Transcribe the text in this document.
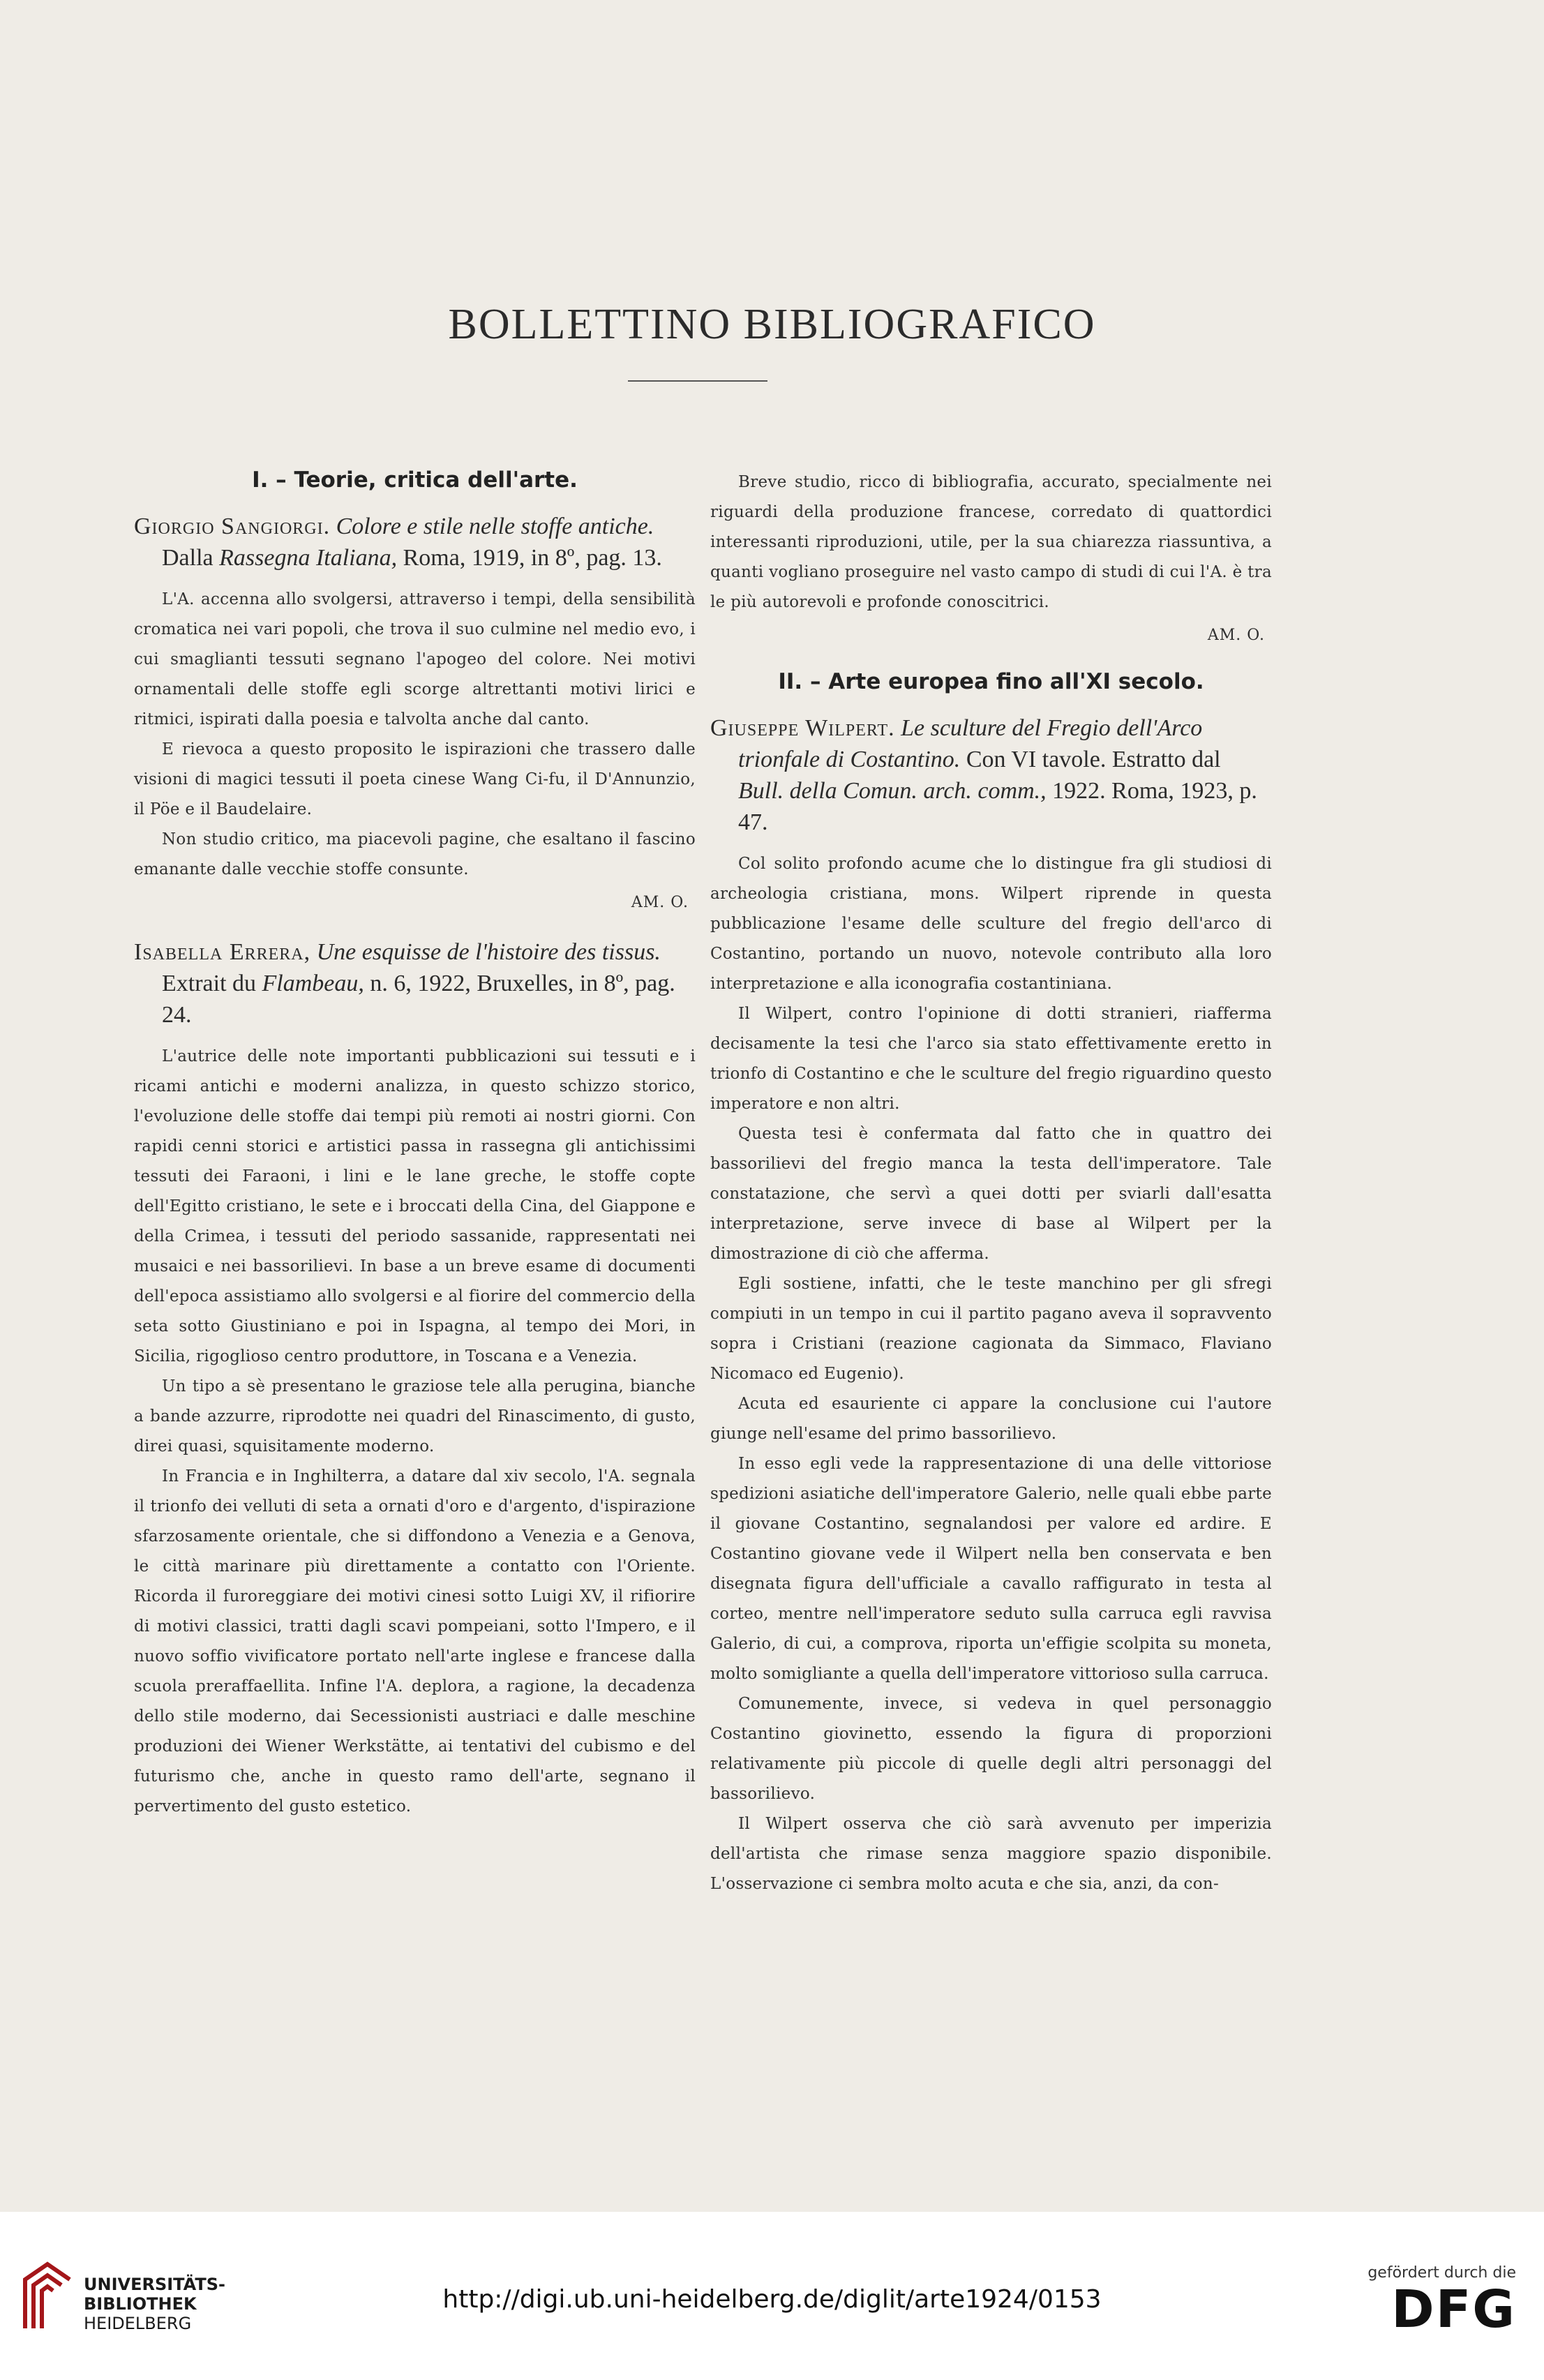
BOLLETTINO BIBLIOGRAFICO
I. – Teorie, critica dell'arte.
Giorgio Sangiorgi. Colore e stile nelle stoffe antiche. Dalla Rassegna Italiana, Roma, 1919, in 8º, pag. 13.

L'A. accenna allo svolgersi, attraverso i tempi, della sensibilità cromatica nei vari popoli, che trova il suo culmine nel medio evo, i cui smaglianti tessuti segnano l'apogeo del colore. Nei motivi ornamentali delle stoffe egli scorge altrettanti motivi lirici e ritmici, ispirati dalla poesia e talvolta anche dal canto.

E rievoca a questo proposito le ispirazioni che trassero dalle visioni di magici tessuti il poeta cinese Wang Ci-fu, il D'Annunzio, il Pöe e il Baudelaire.

Non studio critico, ma piacevoli pagine, che esaltano il fascino emanante dalle vecchie stoffe consunte.

AM. O.
Isabella Errera, Une esquisse de l'histoire des tissus. Extrait du Flambeau, n. 6, 1922, Bruxelles, in 8º, pag. 24.

L'autrice delle note importanti pubblicazioni sui tessuti e i ricami antichi e moderni analizza, in questo schizzo storico, l'evoluzione delle stoffe dai tempi più remoti ai nostri giorni. Con rapidi cenni storici e artistici passa in rassegna gli antichissimi tessuti dei Faraoni, i lini e le lane greche, le stoffe copte dell'Egitto cristiano, le sete e i broccati della Cina, del Giappone e della Crimea, i tessuti del periodo sassanide, rappresentati nei musaici e nei bassorilievi. In base a un breve esame di documenti dell'epoca assistiamo allo svolgersi e al fiorire del commercio della seta sotto Giustiniano e poi in Ispagna, al tempo dei Mori, in Sicilia, rigoglioso centro produttore, in Toscana e a Venezia.

Un tipo a sè presentano le graziose tele alla perugina, bianche a bande azzurre, riprodotte nei quadri del Rinascimento, di gusto, direi quasi, squisitamente moderno.

In Francia e in Inghilterra, a datare dal xiv secolo, l'A. segnala il trionfo dei velluti di seta a ornati d'oro e d'argento, d'ispirazione sfarzosamente orientale, che si diffondono a Venezia e a Genova, le città marinare più direttamente a contatto con l'Oriente. Ricorda il furoreggiare dei motivi cinesi sotto Luigi XV, il rifiorire di motivi classici, tratti dagli scavi pompeiani, sotto l'Impero, e il nuovo soffio vivificatore portato nell'arte inglese e francese dalla scuola preraffaellita. Infine l'A. deplora, a ragione, la decadenza dello stile moderno, dai Secessionisti austriaci e dalle meschine produzioni dei Wiener Werkstätte, ai tentativi del cubismo e del futurismo che, anche in questo ramo dell'arte, segnano il pervertimento del gusto estetico.

Breve studio, ricco di bibliografia, accurato, specialmente nei riguardi della produzione francese, corredato di quattordici interessanti riproduzioni, utile, per la sua chiarezza riassuntiva, a quanti vogliano proseguire nel vasto campo di studi di cui l'A. è tra le più autorevoli e profonde conoscitrici.

AM. O.
II. – Arte europea fino all'XI secolo.
Giuseppe Wilpert. Le sculture del Fregio dell'Arco trionfale di Costantino. Con VI tavole. Estratto dal Bull. della Comun. arch. comm., 1922. Roma, 1923, p. 47.

Col solito profondo acume che lo distingue fra gli studiosi di archeologia cristiana, mons. Wilpert riprende in questa pubblicazione l'esame delle sculture del fregio dell'arco di Costantino, portando un nuovo, notevole contributo alla loro interpretazione e alla iconografia costantiniana.

Il Wilpert, contro l'opinione di dotti stranieri, riafferma decisamente la tesi che l'arco sia stato effettivamente eretto in trionfo di Costantino e che le sculture del fregio riguardino questo imperatore e non altri.

Questa tesi è confermata dal fatto che in quattro dei bassorilievi del fregio manca la testa dell'imperatore. Tale constatazione, che servì a quei dotti per sviarli dall'esatta interpretazione, serve invece di base al Wilpert per la dimostrazione di ciò che afferma.

Egli sostiene, infatti, che le teste manchino per gli sfregi compiuti in un tempo in cui il partito pagano aveva il sopravvento sopra i Cristiani (reazione cagionata da Simmaco, Flaviano Nicomaco ed Eugenio).

Acuta ed esauriente ci appare la conclusione cui l'autore giunge nell'esame del primo bassorilievo.

In esso egli vede la rappresentazione di una delle vittoriose spedizioni asiatiche dell'imperatore Galerio, nelle quali ebbe parte il giovane Costantino, segnalandosi per valore ed ardire. E Costantino giovane vede il Wilpert nella ben conservata e ben disegnata figura dell'ufficiale a cavallo raffigurato in testa al corteo, mentre nell'imperatore seduto sulla carruca egli ravvisa Galerio, di cui, a comprova, riporta un'effigie scolpita su moneta, molto somigliante a quella dell'imperatore vittorioso sulla carruca.

Comunemente, invece, si vedeva in quel personaggio Costantino giovinetto, essendo la figura di proporzioni relativamente più piccole di quelle degli altri personaggi del bassorilievo.

Il Wilpert osserva che ciò sarà avvenuto per imperizia dell'artista che rimase senza maggiore spazio disponibile. L'osservazione ci sembra molto acuta e che sia, anzi, da con-

UNIVERSITÄTS-
BIBLIOTHEK
HEIDELBERG
http://digi.ub.uni-heidelberg.de/diglit/arte1924/0153
gefördert durch die
DFG
